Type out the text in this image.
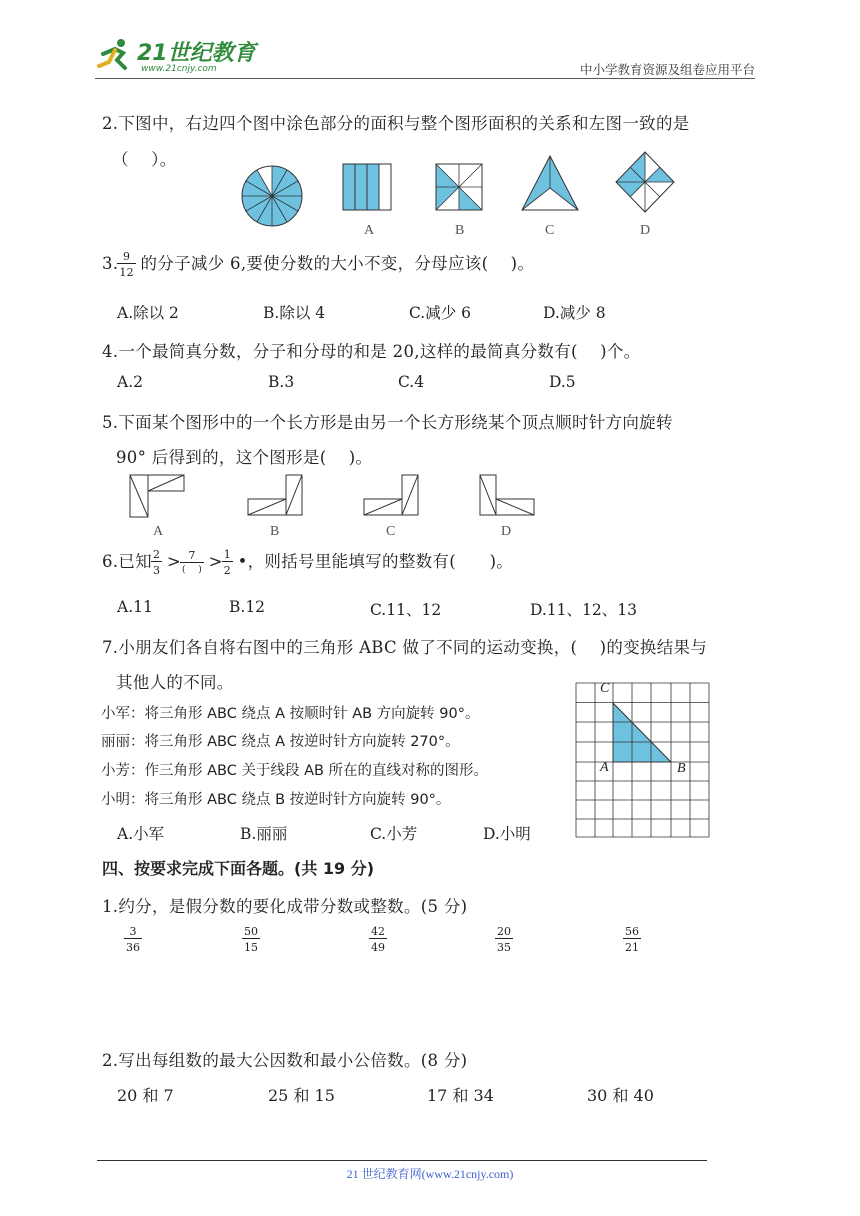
21世纪教育
www.21cnjy.com	中小学教育资源及组卷应用平台
2.下图中，右边四个图中涂色部分的面积与整个图形面积的关系和左图一致的是
（　 ）。
A	B	C	D
3. $\frac{9}{12}$ 的分子减少 6,要使分数的大小不变，分母应该(　 )。
A.除以 2	B.除以 4	C.减少 6	D.减少 8
4.一个最简真分数，分子和分母的和是 20,这样的最简真分数有(　 )个。
A.2	B.3	C.4	D.5
5.下面某个图形中的一个长方形是由另一个长方形绕某个顶点顺时针方向旋转
90° 后得到的，这个图形是(　 )。
A	B	C	D
6.已知 $\frac{2}{3} > \frac{7}{( )} > \frac{1}{2}$ •，则括号里能填写的整数有(　　)。
A.11	B.12	C.11、12	D.11、12、13
7.小朋友们各自将右图中的三角形 ABC 做了不同的运动变换，(　 )的变换结果与
其他人的不同。
小军：将三角形 ABC 绕点 A 按顺时针 AB 方向旋转 90°。
丽丽：将三角形 ABC 绕点 A 按逆时针方向旋转 270°。
小芳：作三角形 ABC 关于线段 AB 所在的直线对称的图形。
小明：将三角形 ABC 绕点 B 按逆时针方向旋转 90°。
A.小军	B.丽丽	C.小芳	D.小明
C
A	B
四、按要求完成下面各题。(共 19 分)
1.约分，是假分数的要化成带分数或整数。(5 分)
$\frac{3}{36}$	$\frac{50}{15}$	$\frac{42}{49}$	$\frac{20}{35}$	$\frac{56}{21}$
2.写出每组数的最大公因数和最小公倍数。(8 分)
20 和 7	25 和 15	17 和 34	30 和 40
21 世纪教育网(www.21cnjy.com)
